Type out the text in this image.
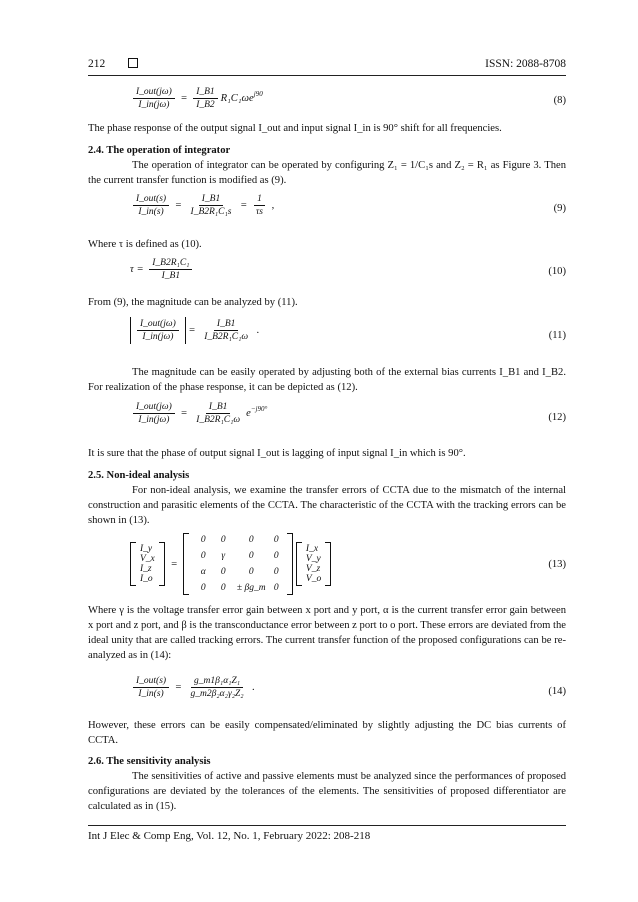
212	ISSN: 2088-8708
$\frac{\text{I\_out(jω)}}{I\_in(j\omega)} = \frac{I\_B1}{I\_B2} R_1C_1\omega e^{j90}$
(8)
The phase response of the output signal I_out and input signal I_in is 90° shift for all frequencies.
2.4. The operation of integrator
The operation of integrator can be operated by configuring Z₁ = 1/C₁s and Z₂ = R₁ as Figure 3. Then the current transfer function is modified as (9).
$\frac{\text{I\_out(s)}}{I\_in(s)} = \frac{I\_B1}{\text{I\_B2R₁C₁s}} = \frac{1}{\tau s}$ ,	(9)
Where τ is defined as (10).
$\tau = \frac{\text{I\_B2R₁C₁}}{I\_B1}$	(10)
From (9), the magnitude can be analyzed by (11).
$\frac{\text{I\_out(jω)}}{I\_in(j\omega)} = \frac{I\_B1}{\text{I\_B2R₁C₁ω}}$ .	(11)
The magnitude can be easily operated by adjusting both of the external bias currents I_B1 and I_B2. For realization of the phase response, it can be depicted as (12).
$\frac{\text{I\_out(jω)}}{I\_in(j\omega)} = \frac{I\_B1}{\text{I\_B2R₁C₁ω}} e^{-j90^\circ}$
(12)
It is sure that the phase of output signal I_out is lagging of input signal I_in which is 90°.
2.5. Non-ideal analysis
For non-ideal analysis, we examine the transfer errors of CCTA due to the mismatch of the internal construction and parasitic elements of the CCTA. The characteristic of the CCTA with the tracking errors can be shown in (13).
I_y
V_x
I_z
I_o
=
0	0	0	0
0	γ	0	0
α	0	0	0
0	0	± βg_m 0

I_x
V_y
V_z
V_o
(13)
Where γ is the voltage transfer error gain between x port and y port, α is the current transfer error gain between x port and z port, and β is the transconductance error between z port to o port. These errors are deviated from the ideal unity that are called tracking errors. The current transfer function of the proposed configurations can be re-analyzed as in (14):
$\frac{\text{I\_out(s)}}{I\_in(s)} = \frac{\text{g\_m1β₁α₁Z₁}}{\text{g\_m2β₂α₂γ₂Z₂}}$ .	(14)
However, these errors can be easily compensated/eliminated by slightly adjusting the DC bias currents of CCTA.
2.6. The sensitivity analysis
The sensitivities of active and passive elements must be analyzed since the performances of proposed configurations are deviated by the tolerances of the elements. The sensitivities of proposed differentiator are calculated as in (15).
Int J Elec & Comp Eng, Vol. 12, No. 1, February 2022: 208-218
